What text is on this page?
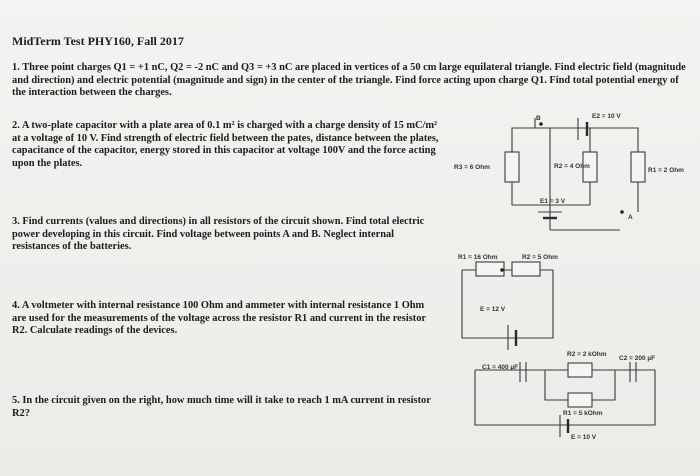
MidTerm Test PHY160, Fall 2017

1. Three point charges Q1 = +1 nC, Q2 = -2 nC and Q3 = +3 nC are placed in vertices of a 50 cm large equilateral triangle. Find electric field (magnitude and direction) and electric potential (magnitude and sign) in the center of the triangle. Find force acting upon charge Q1. Find total potential energy of the interaction between the charges.

2. A two-plate capacitor with a plate area of 0.1 m² is charged with a charge density of 15 mC/m² at a voltage of 10 V. Find strength of electric field between the pates, distance between the plates, capacitance of the capacitor, energy stored in this capacitor at voltage 100V and the force acting upon the plates.

3. Find currents (values and directions) in all resistors of the circuit shown. Find total electric power developing in this circuit. Find voltage between points A and B. Neglect internal resistances of the batteries.

4. A voltmeter with internal resistance 100 Ohm and ammeter with internal resistance 1 Ohm are used for the measurements of the voltage across the resistor R1 and current in the resistor R2. Calculate readings of the devices.

5. In the circuit given on the right, how much time will it take to reach 1 mA current in resistor R2?

E2 = 10 V
R3 = 6 Ohm	R2 = 4 Ohm
R1 = 2 Ohm
E1 = 3 V
A
B
R1 = 16 Ohm	R2 = 5 Ohm
E = 12 V
R2 = 2 kOhm
C2 = 200 µF
C1 = 400 µF
R1 = 5 kOhm
E = 10 V
